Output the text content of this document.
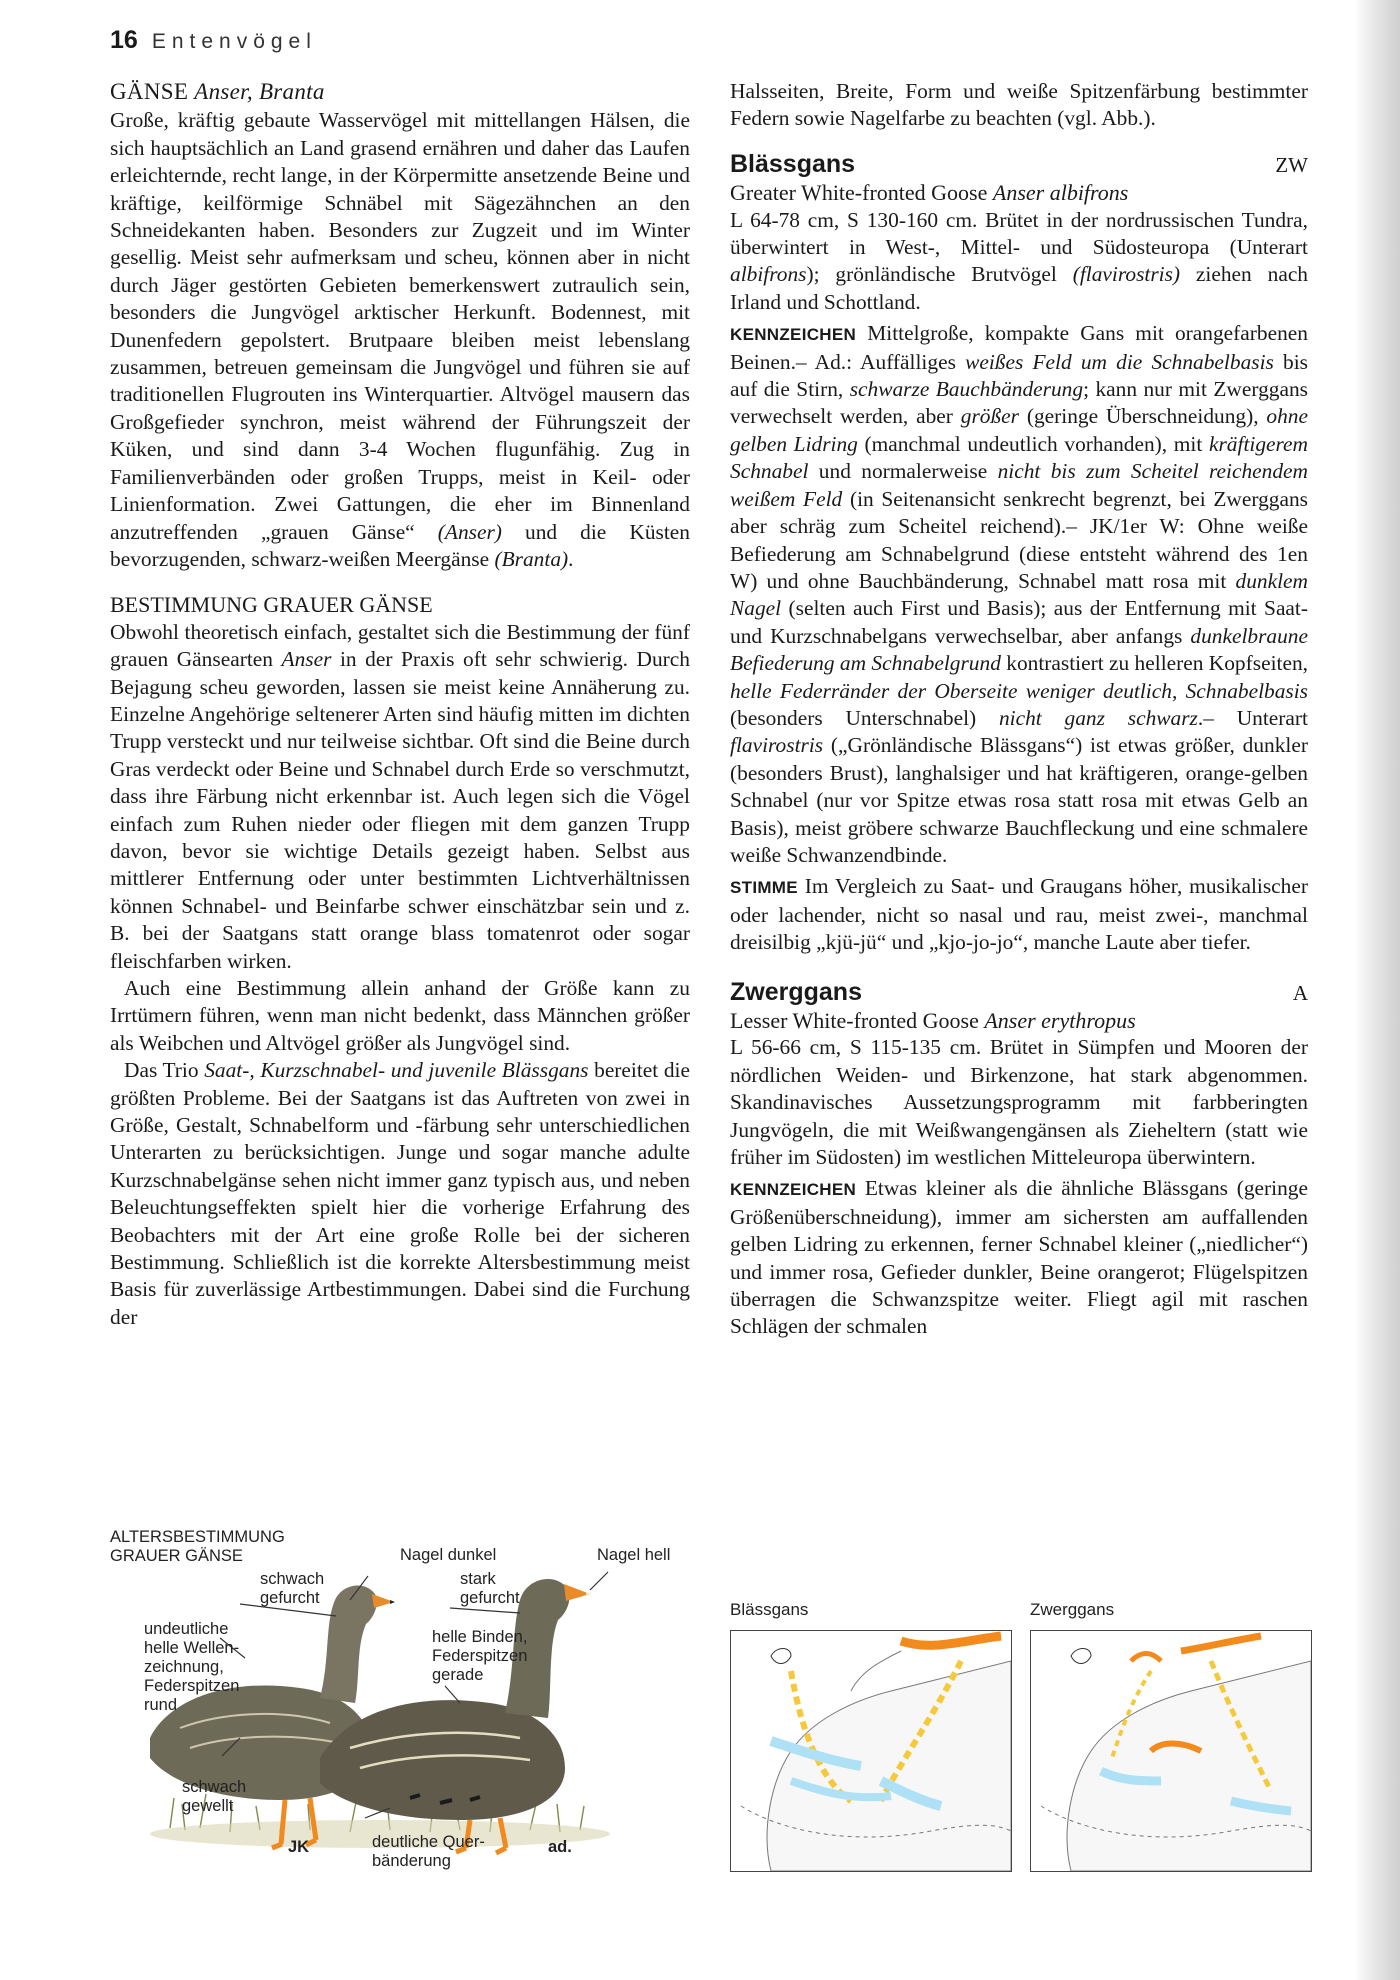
16 Entenvögel
GÄNSE Anser, Branta

Große, kräftig gebaute Wasservögel mit mittellangen Hälsen, die sich hauptsächlich an Land grasend ernähren und daher das Laufen erleichternde, recht lange, in der Körpermitte ansetzende Beine und kräftige, keilförmige Schnäbel mit Sägezähnchen an den Schneidekanten haben. Besonders zur Zugzeit und im Winter gesellig. Meist sehr aufmerksam und scheu, können aber in nicht durch Jäger gestörten Gebieten bemerkenswert zutraulich sein, besonders die Jungvögel arktischer Herkunft. Bodennest, mit Dunenfedern gepolstert. Brutpaare bleiben meist lebenslang zusammen, betreuen gemeinsam die Jungvögel und führen sie auf traditionellen Flugrouten ins Winterquartier. Altvögel mausern das Großgefieder synchron, meist während der Führungszeit der Küken, und sind dann 3-4 Wochen flugunfähig. Zug in Familienverbänden oder großen Trupps, meist in Keil- oder Linienformation. Zwei Gattungen, die eher im Binnenland anzutreffenden „grauen Gänse“ (Anser) und die Küsten bevorzugenden, schwarz-weißen Meergänse (Branta).

BESTIMMUNG GRAUER GÄNSE

Obwohl theoretisch einfach, gestaltet sich die Bestimmung der fünf grauen Gänsearten Anser in der Praxis oft sehr schwierig. Durch Bejagung scheu geworden, lassen sie meist keine Annäherung zu. Einzelne Angehörige seltenerer Arten sind häufig mitten im dichten Trupp versteckt und nur teilweise sichtbar. Oft sind die Beine durch Gras verdeckt oder Beine und Schnabel durch Erde so verschmutzt, dass ihre Färbung nicht erkennbar ist. Auch legen sich die Vögel einfach zum Ruhen nieder oder fliegen mit dem ganzen Trupp davon, bevor sie wichtige Details gezeigt haben. Selbst aus mittlerer Entfernung oder unter bestimmten Lichtverhältnissen können Schnabel- und Beinfarbe schwer einschätzbar sein und z. B. bei der Saatgans statt orange blass tomatenrot oder sogar fleischfarben wirken.

Auch eine Bestimmung allein anhand der Größe kann zu Irrtümern führen, wenn man nicht bedenkt, dass Männchen größer als Weibchen und Altvögel größer als Jungvögel sind.

Das Trio Saat-, Kurzschnabel- und juvenile Blässgans bereitet die größten Probleme. Bei der Saatgans ist das Auftreten von zwei in Größe, Gestalt, Schnabelform und -färbung sehr unterschiedlichen Unterarten zu berücksichtigen. Junge und sogar manche adulte Kurzschnabelgänse sehen nicht immer ganz typisch aus, und neben Beleuchtungseffekten spielt hier die vorherige Erfahrung des Beobachters mit der Art eine große Rolle bei der sicheren Bestimmung. Schließlich ist die korrekte Altersbestimmung meist Basis für zuverlässige Artbestimmungen. Dabei sind die Furchung der

ALTERSBESTIMMUNG
GRAUER GÄNSE	Nagel dunkel	Nagel hell
schwach
gefurcht
stark
gefurcht
undeutliche
helle Wellen-
zeichnung,
Federspitzen
rund
helle Binden,
Federspitzen
gerade
schwach
gewellt
deutliche Quer-
bänderung
JK	ad.

Halsseiten, Breite, Form und weiße Spitzenfärbung bestimmter Federn sowie Nagelfarbe zu beachten (vgl. Abb.).

Blässgans	ZW

Greater White-fronted Goose Anser albifrons

L 64-78 cm, S 130-160 cm. Brütet in der nordrussischen Tundra, überwintert in West-, Mittel- und Südosteuropa (Unterart albifrons); grönländische Brutvögel (flavirostris) ziehen nach Irland und Schottland.

KENNZEICHEN Mittelgroße, kompakte Gans mit orangefarbenen Beinen.– Ad.: Auffälliges weißes Feld um die Schnabelbasis bis auf die Stirn, schwarze Bauchbänderung; kann nur mit Zwerggans verwechselt werden, aber größer (geringe Überschneidung), ohne gelben Lidring (manchmal undeutlich vorhanden), mit kräftigerem Schnabel und normalerweise nicht bis zum Scheitel reichendem weißem Feld (in Seitenansicht senkrecht begrenzt, bei Zwerggans aber schräg zum Scheitel reichend).– JK/1er W: Ohne weiße Befiederung am Schnabelgrund (diese entsteht während des 1en W) und ohne Bauchbänderung, Schnabel matt rosa mit dunklem Nagel (selten auch First und Basis); aus der Entfernung mit Saat- und Kurzschnabelgans verwechselbar, aber anfangs dunkelbraune Befiederung am Schnabelgrund kontrastiert zu helleren Kopfseiten, helle Federränder der Oberseite weniger deutlich, Schnabelbasis (besonders Unterschnabel) nicht ganz schwarz.– Unterart flavirostris („Grönländische Blässgans“) ist etwas größer, dunkler (besonders Brust), langhalsiger und hat kräftigeren, orange-gelben Schnabel (nur vor Spitze etwas rosa statt rosa mit etwas Gelb an Basis), meist gröbere schwarze Bauchfleckung und eine schmalere weiße Schwanzendbinde.

STIMME Im Vergleich zu Saat- und Graugans höher, musikalischer oder lachender, nicht so nasal und rau, meist zwei-, manchmal dreisilbig „kjü-jü“ und „kjo-jo-jo“, manche Laute aber tiefer.

Zwerggans	A

Lesser White-fronted Goose Anser erythropus

L 56-66 cm, S 115-135 cm. Brütet in Sümpfen und Mooren der nördlichen Weiden- und Birkenzone, hat stark abgenommen. Skandinavisches Aussetzungsprogramm mit farbberingten Jungvögeln, die mit Weißwangengänsen als Zieheltern (statt wie früher im Südosten) im westlichen Mitteleuropa überwintern.

KENNZEICHEN Etwas kleiner als die ähnliche Blässgans (geringe Größenüberschneidung), immer am sichersten am auffallenden gelben Lidring zu erkennen, ferner Schnabel kleiner („niedlicher“) und immer rosa, Gefieder dunkler, Beine orangerot; Flügelspitzen überragen die Schwanzspitze weiter. Fliegt agil mit raschen Schlägen der schmalen

Blässgans	Zwerggans
